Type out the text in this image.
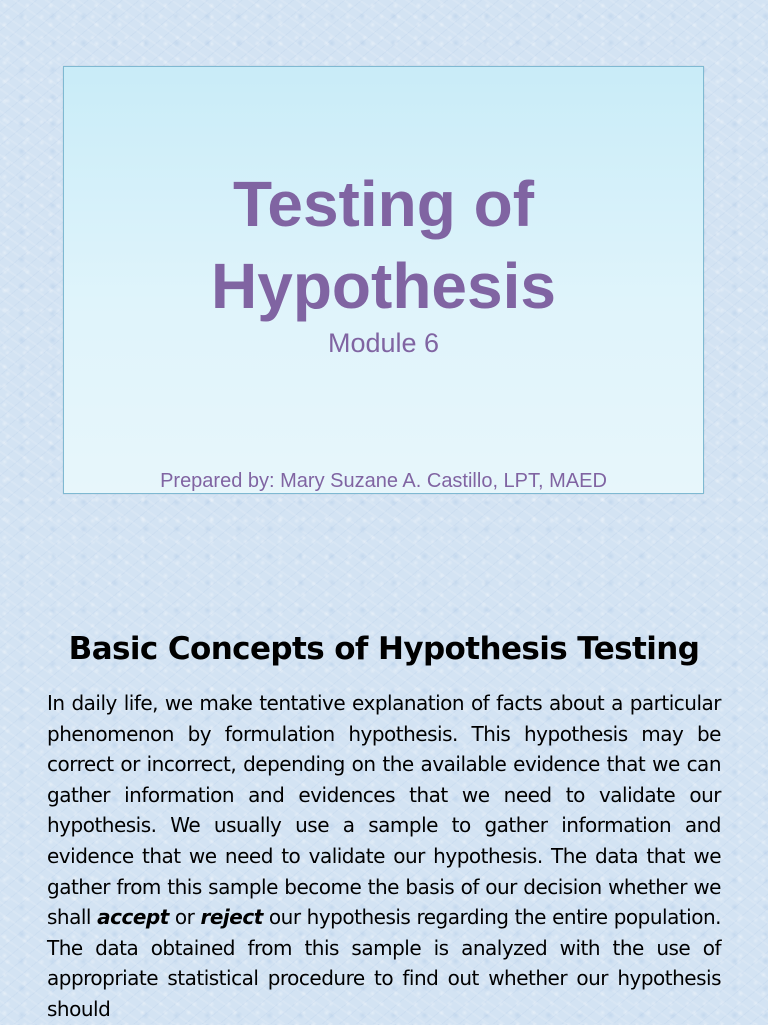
Testing of Hypothesis
Module 6
Prepared by: Mary Suzane A. Castillo, LPT, MAED
Basic Concepts of Hypothesis Testing

In daily life, we make tentative explanation of facts about a particular phenomenon by formulation hypothesis. This hypothesis may be correct or incorrect, depending on the available evidence that we can gather information and evidences that we need to validate our hypothesis. We usually use a sample to gather information and evidence that we need to validate our hypothesis. The data that we gather from this sample become the basis of our decision whether we shall accept or reject our hypothesis regarding the entire population. The data obtained from this sample is analyzed with the use of appropriate statistical procedure to find out whether our hypothesis should
